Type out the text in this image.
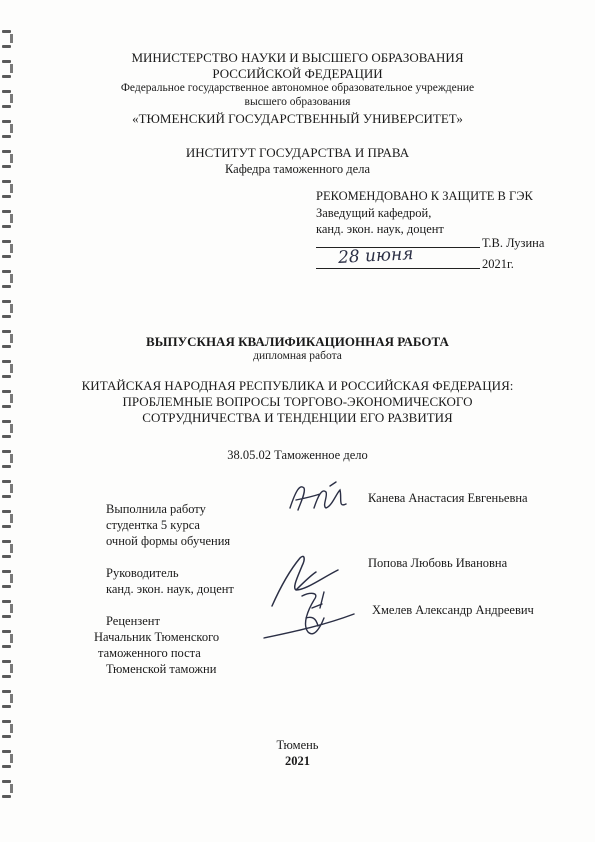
МИНИСТЕРСТВО НАУКИ И ВЫСШЕГО ОБРАЗОВАНИЯ
РОССИЙСКОЙ ФЕДЕРАЦИИ
Федеральное государственное автономное образовательное учреждение
высшего образования
«ТЮМЕНСКИЙ ГОСУДАРСТВЕННЫЙ УНИВЕРСИТЕТ»
ИНСТИТУТ ГОСУДАРСТВА И ПРАВА
Кафедра таможенного дела
РЕКОМЕНДОВАНО К ЗАЩИТЕ В ГЭК
Заведущий кафедрой,
канд. экон. наук, доцент
Т.В. Лузина
28 июня	2021г.
ВЫПУСКНАЯ КВАЛИФИКАЦИОННАЯ РАБОТА
дипломная работа
КИТАЙСКАЯ НАРОДНАЯ РЕСПУБЛИКА И РОССИЙСКАЯ ФЕДЕРАЦИЯ:
ПРОБЛЕМНЫЕ ВОПРОСЫ ТОРГОВО-ЭКОНОМИЧЕСКОГО
СОТРУДНИЧЕСТВА И ТЕНДЕНЦИИ ЕГО РАЗВИТИЯ
38.05.02 Таможенное дело
Выполнила работу
студентка 5 курса
очной формы обучения
Канева Анастасия Евгеньевна
Руководитель
канд. экон. наук, доцент
Попова Любовь Ивановна
Рецензент
Начальник Тюменского
таможенного поста
Тюменской таможни
Хмелев Александр Андреевич
Тюмень
2021
